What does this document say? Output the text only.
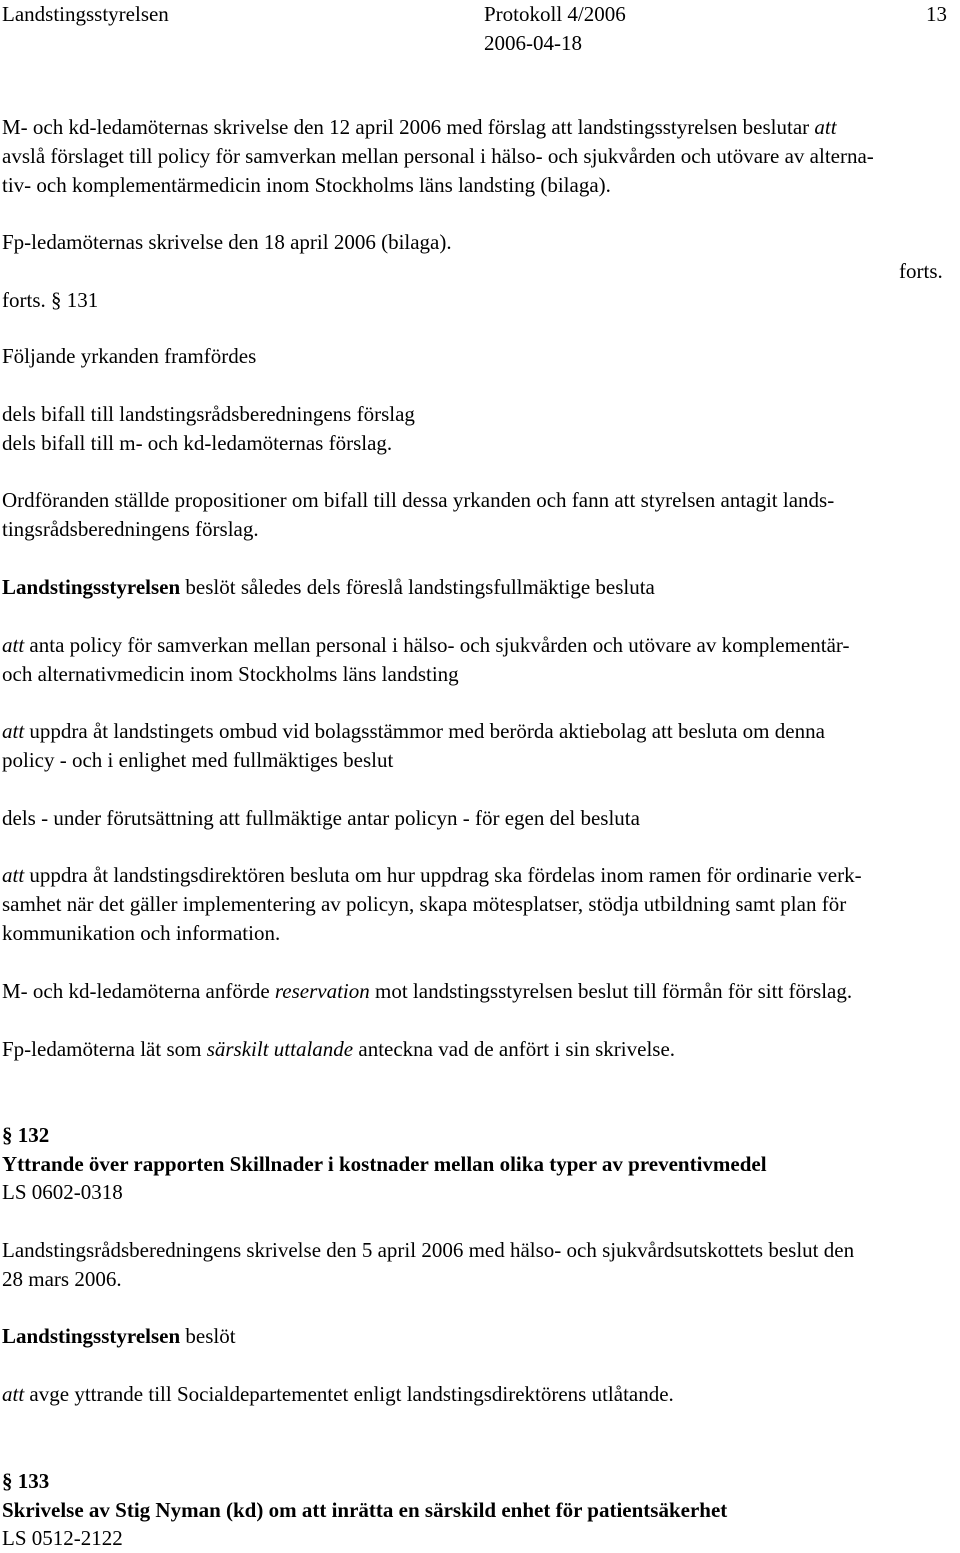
Landstingsstyrelsen	Protokoll 4/2006	13
2006-04-18
M- och kd-ledamöternas skrivelse den 12 april 2006 med förslag att landstingsstyrelsen beslutar att
avslå förslaget till policy för samverkan mellan personal i hälso- och sjukvården och utövare av alterna-
tiv- och komplementärmedicin inom Stockholms läns landsting (bilaga).
Fp-ledamöternas skrivelse den 18 april 2006 (bilaga).
forts.
forts. § 131
Följande yrkanden framfördes
dels bifall till landstingsrådsberedningens förslag
dels bifall till m- och kd-ledamöternas förslag.
Ordföranden ställde propositioner om bifall till dessa yrkanden och fann att styrelsen antagit lands-
tingsrådsberedningens förslag.
Landstingsstyrelsen beslöt således dels föreslå landstingsfullmäktige besluta
att anta policy för samverkan mellan personal i hälso- och sjukvården och utövare av komplementär-
och alternativmedicin inom Stockholms läns landsting
att uppdra åt landstingets ombud vid bolagsstämmor med berörda aktiebolag att besluta om denna
policy - och i enlighet med fullmäktiges beslut
dels - under förutsättning att fullmäktige antar policyn - för egen del besluta
att uppdra åt landstingsdirektören besluta om hur uppdrag ska fördelas inom ramen för ordinarie verk-
samhet när det gäller implementering av policyn, skapa mötesplatser, stödja utbildning samt plan för
kommunikation och information.
M- och kd-ledamöterna anförde reservation mot landstingsstyrelsen beslut till förmån för sitt förslag.
Fp-ledamöterna lät som särskilt uttalande anteckna vad de anfört i sin skrivelse.
§ 132
Yttrande över rapporten Skillnader i kostnader mellan olika typer av preventivmedel
LS 0602-0318
Landstingsrådsberedningens skrivelse den 5 april 2006 med hälso- och sjukvårdsutskottets beslut den
28 mars 2006.
Landstingsstyrelsen beslöt
att avge yttrande till Socialdepartementet enligt landstingsdirektörens utlåtande.
§ 133
Skrivelse av Stig Nyman (kd) om att inrätta en särskild enhet för patientsäkerhet
LS 0512-2122
